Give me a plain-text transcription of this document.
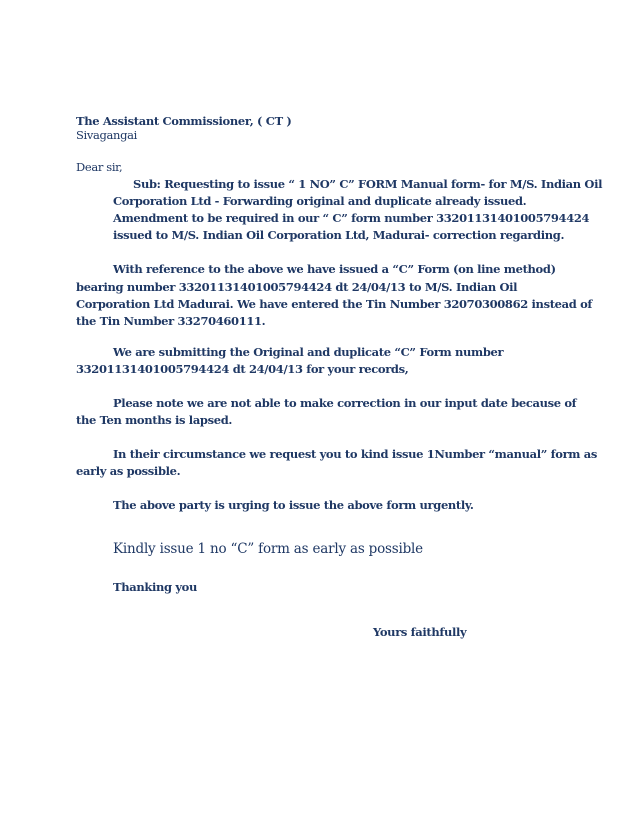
The Assistant Commissioner, ( CT )
Sivagangai
Dear sir,
Sub: Requesting to issue “ 1 NO” C” FORM Manual form- for M/S. Indian Oil
Corporation Ltd - Forwarding original and duplicate already issued.
Amendment to be required in our “ C” form number 33201131401005794424
issued to M/S. Indian Oil Corporation Ltd, Madurai- correction regarding.
With reference to the above we have issued a “C” Form (on line method)
bearing number 33201131401005794424 dt 24/04/13 to M/S. Indian Oil
Corporation Ltd Madurai. We have entered the Tin Number 32070300862 instead of
the Tin Number 33270460111.
We are submitting the Original and duplicate “C” Form number
33201131401005794424 dt 24/04/13 for your records,
Please note we are not able to make correction in our input date because of
the Ten months is lapsed.
In their circumstance we request you to kind issue 1Number “manual” form as
early as possible.
The above party is urging to issue the above form urgently.
Kindly issue 1 no “C” form as early as possible
Thanking you
Yours faithfully
